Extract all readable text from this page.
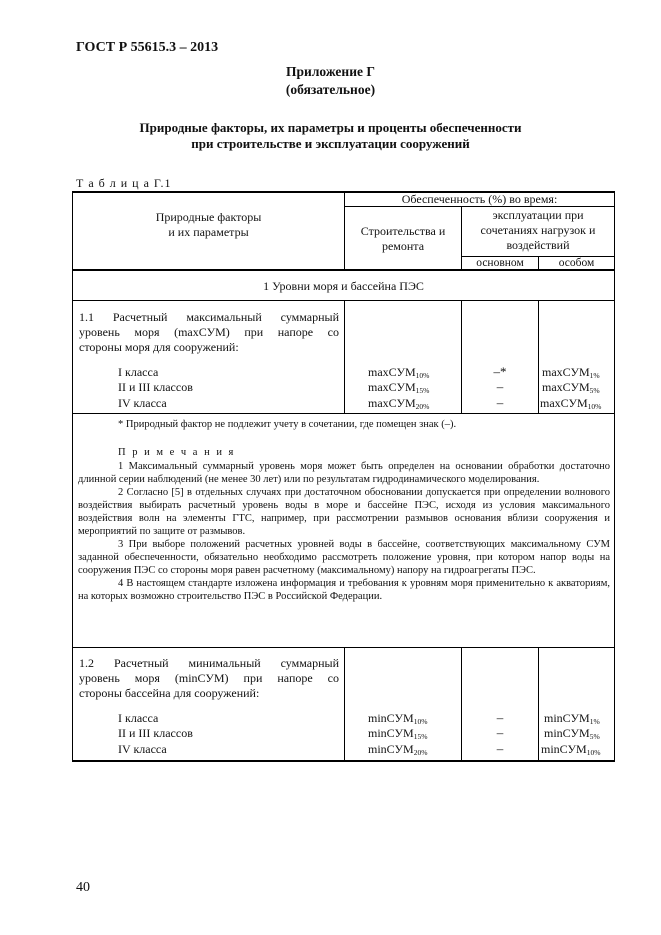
ГОСТ Р 55615.3 – 2013
Приложение Г
(обязательное)
Природные факторы, их параметры и проценты обеспеченности
при строительстве и эксплуатации сооружений
Т а б л и ц а Г.1
Природные факторы
и их параметры
Обеспеченность (%) во время:
Строительства и
ремонта
эксплуатации при
сочетаниях нагрузок и
воздействий
основном	особом
1 Уровни моря и бассейна ПЭС
1.1 Расчетный максимальный суммарный
уровень моря (maxСУМ) при напоре со
стороны моря для сооружений:
I класса
II и III классов
IV класса
maxСУМ$_{10\%}$
maxСУМ$_{15\%}$
maxСУМ$_{20\%}$
–*
–
–
maxСУМ$_{1\%}$
maxСУМ$_{5\%}$
maxСУМ$_{10\%}$
* Природный фактор не подлежит учету в сочетании, где помещен знак (–).
П р и м е ч а н и я

1 Максимальный суммарный уровень моря может быть определен на основании обработки достаточно длинной серии наблюдений (не менее 30 лет) или по результатам гидродинамического моделирования.

2 Согласно [5] в отдельных случаях при достаточном обосновании допускается при определении волнового воздействия выбирать расчетный уровень воды в море и бассейне ПЭС, исходя из условия максимального воздействия волн на элементы ГТС, например, при рассмотрении размывов основания вблизи сооружения и мероприятий по защите от размывов.

3 При выборе положений расчетных уровней воды в бассейне, соответствующих максимальному СУМ заданной обеспеченности, обязательно необходимо рассмотреть положение уровня, при котором напор воды на сооружения ПЭС со стороны моря равен расчетному (максимальному) напору на гидроагрегаты ПЭС.

4 В настоящем стандарте изложена информация и требования к уровням моря применительно к акваториям, на которых возможно строительство ПЭС в Российской Федерации.

1.2 Расчетный минимальный суммарный
уровень моря (minСУМ) при напоре со
стороны бассейна для сооружений:
I класса
II и III классов
IV класса
minСУМ$_{10\%}$
minСУМ$_{15\%}$
minСУМ$_{20\%}$
–
–
–
minСУМ$_{1\%}$
minСУМ$_{5\%}$
minСУМ$_{10\%}$
40
